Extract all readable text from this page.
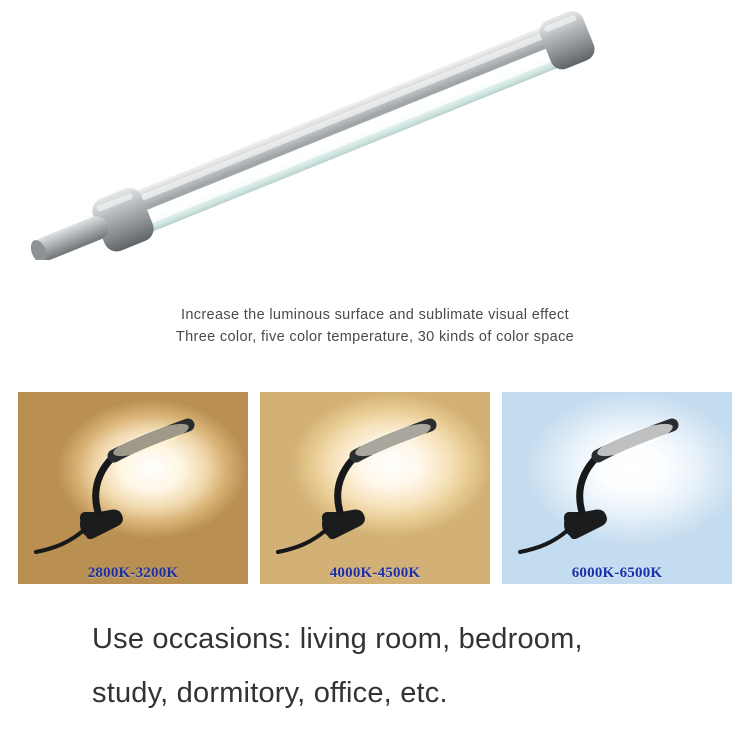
Increase the luminous surface and sublimate visual effect
Three color, five color temperature, 30 kinds of color space
2800K-3200K	4000K-4500K	6000K-6500K
Use occasions: living room, bedroom,
study, dormitory, office, etc.
